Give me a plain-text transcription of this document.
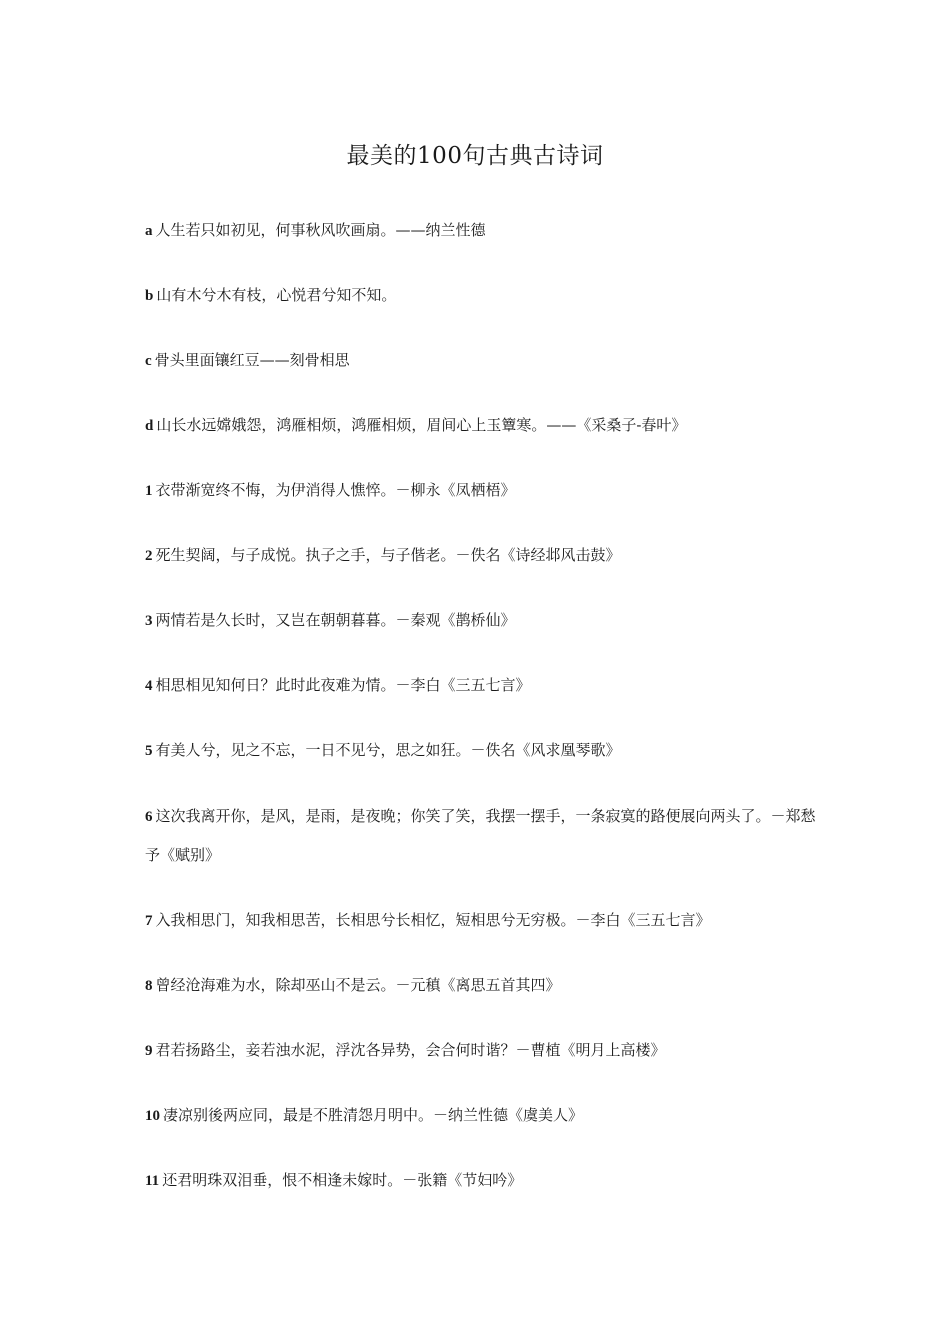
最美的100句古典古诗词

a 人生若只如初见，何事秋风吹画扇。——纳兰性德

b 山有木兮木有枝，心悦君兮知不知。

c 骨头里面镶红豆——刻骨相思

d 山长水远嫦娥怨，鸿雁相烦，鸿雁相烦，眉间心上玉簟寒。——《采桑子-春叶》

1 衣带渐宽终不悔，为伊消得人憔悴。－柳永《凤栖梧》

2 死生契阔，与子成悦。执子之手，与子偕老。－佚名《诗经邶风击鼓》

3 两情若是久长时，又岂在朝朝暮暮。－秦观《鹊桥仙》

4 相思相见知何日？此时此夜难为情。－李白《三五七言》

5 有美人兮，见之不忘，一日不见兮，思之如狂。－佚名《风求凰琴歌》

6 这次我离开你，是风，是雨，是夜晚；你笑了笑，我摆一摆手，一条寂寞的路便展向两头了。－郑愁予《赋别》

7 入我相思门，知我相思苦，长相思兮长相忆，短相思兮无穷极。－李白《三五七言》

8 曾经沧海难为水，除却巫山不是云。－元稹《离思五首其四》

9 君若扬路尘，妾若浊水泥，浮沈各异势，会合何时谐？－曹植《明月上高楼》

10 凄凉别後两应同，最是不胜清怨月明中。－纳兰性德《虞美人》

11 还君明珠双泪垂，恨不相逢未嫁时。－张籍《节妇吟》
